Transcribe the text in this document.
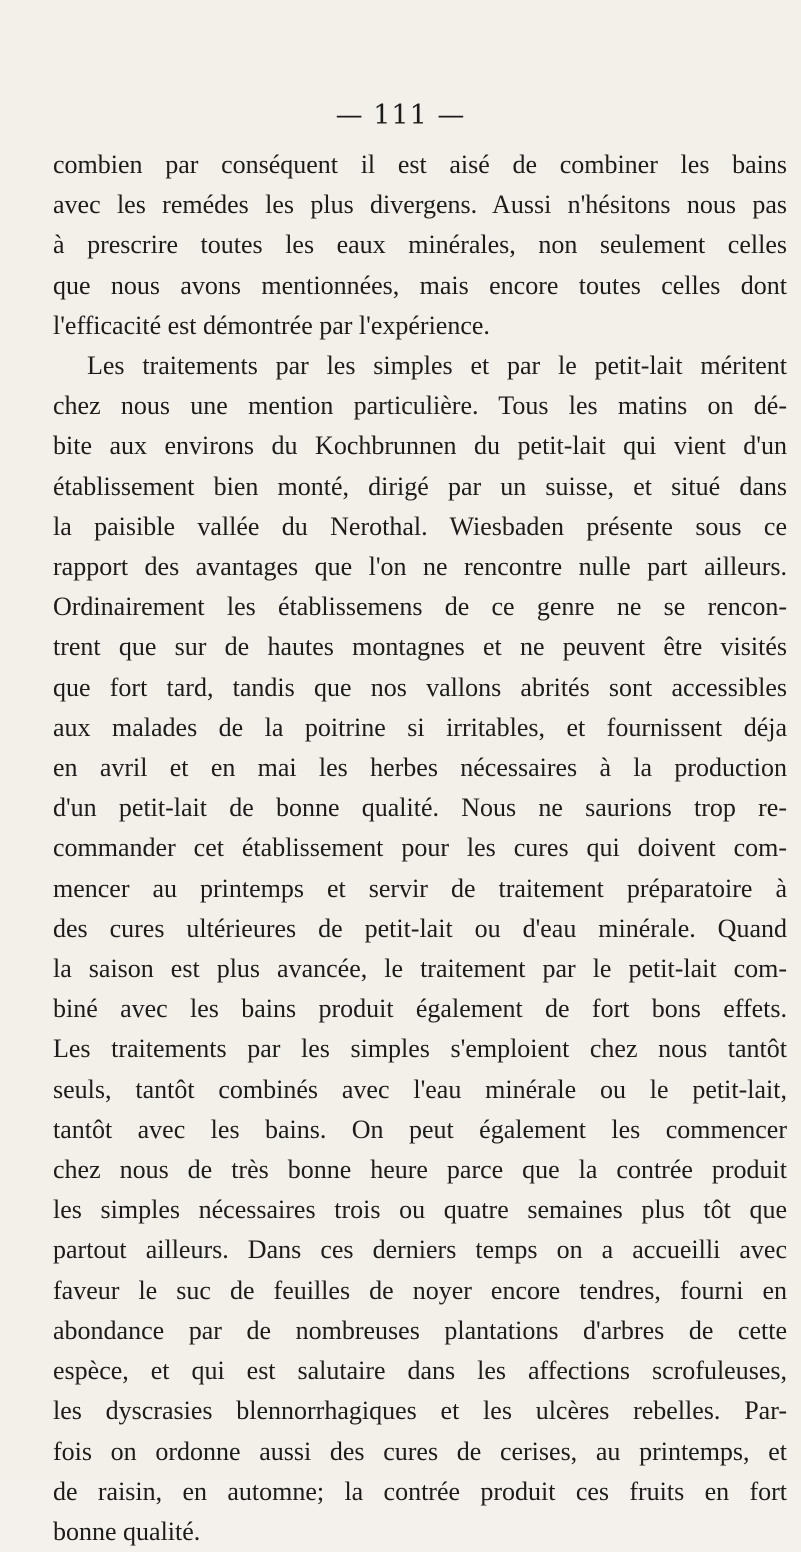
— 111 —
combien par conséquent il est aisé de combiner les bains
avec les remédes les plus divergens. Aussi n'hésitons nous pas
à prescrire toutes les eaux minérales, non seulement celles
que nous avons mentionnées, mais encore toutes celles dont
l'efficacité est démontrée par l'expérience.
Les traitements par les simples et par le petit-lait méritent
chez nous une mention particulière. Tous les matins on dé-
bite aux environs du Kochbrunnen du petit-lait qui vient d'un
établissement bien monté, dirigé par un suisse, et situé dans
la paisible vallée du Nerothal. Wiesbaden présente sous ce
rapport des avantages que l'on ne rencontre nulle part ailleurs.
Ordinairement les établissemens de ce genre ne se rencon-
trent que sur de hautes montagnes et ne peuvent être visités
que fort tard, tandis que nos vallons abrités sont accessibles
aux malades de la poitrine si irritables, et fournissent déja
en avril et en mai les herbes nécessaires à la production
d'un petit-lait de bonne qualité. Nous ne saurions trop re-
commander cet établissement pour les cures qui doivent com-
mencer au printemps et servir de traitement préparatoire à
des cures ultérieures de petit-lait ou d'eau minérale. Quand
la saison est plus avancée, le traitement par le petit-lait com-
biné avec les bains produit également de fort bons effets.
Les traitements par les simples s'emploient chez nous tantôt
seuls, tantôt combinés avec l'eau minérale ou le petit-lait,
tantôt avec les bains. On peut également les commencer
chez nous de très bonne heure parce que la contrée produit
les simples nécessaires trois ou quatre semaines plus tôt que
partout ailleurs. Dans ces derniers temps on a accueilli avec
faveur le suc de feuilles de noyer encore tendres, fourni en
abondance par de nombreuses plantations d'arbres de cette
espèce, et qui est salutaire dans les affections scrofuleuses,
les dyscrasies blennorrhagiques et les ulcères rebelles. Par-
fois on ordonne aussi des cures de cerises, au printemps, et
de raisin, en automne; la contrée produit ces fruits en fort
bonne qualité.
